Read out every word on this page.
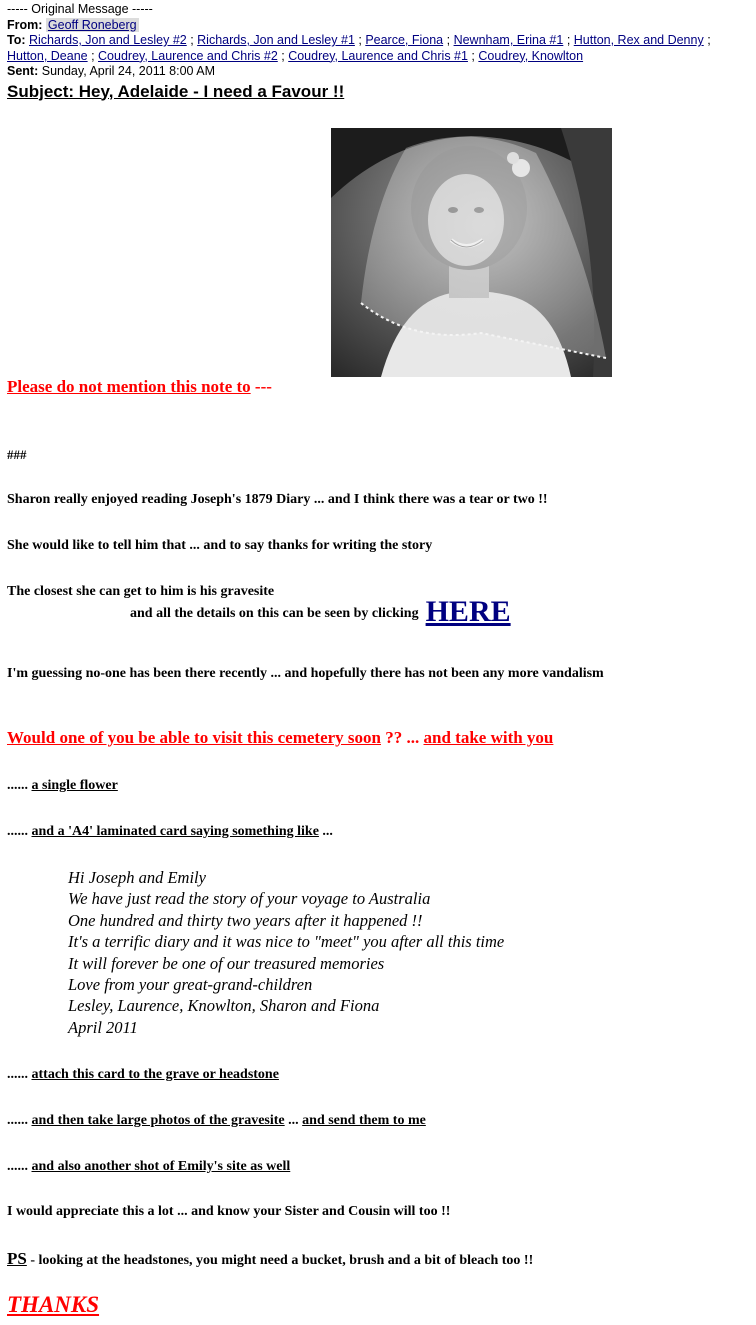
----- Original Message -----
From: Geoff Roneberg
To: Richards, Jon and Lesley #2 ; Richards, Jon and Lesley #1 ; Pearce, Fiona ; Newnham, Erina #1 ; Hutton, Rex and Denny ;
Hutton, Deane ; Coudrey, Laurence and Chris #2 ; Coudrey, Laurence and Chris #1 ; Coudrey, Knowlton
Sent: Sunday, April 24, 2011 8:00 AM
Subject: Hey, Adelaide - I need a Favour !!
Please do not mention this note to ---
###
Sharon really enjoyed reading Joseph's 1879 Diary ... and I think there was a tear or two !!
She would like to tell him that ... and to say thanks for writing the story
The closest she can get to him is his gravesite
and all the details on this can be seen by clicking HERE
I'm guessing no-one has been there recently ... and hopefully there has not been any more vandalism
Would one of you be able to visit this cemetery soon ?? ... and take with you
...... a single flower
...... and a 'A4' laminated card saying something like ...
Hi Joseph and Emily
We have just read the story of your voyage to Australia
One hundred and thirty two years after it happened !!
It's a terrific diary and it was nice to "meet" you after all this time
It will forever be one of our treasured memories
Love from your great-grand-children
Lesley, Laurence, Knowlton, Sharon and Fiona
April 2011
...... attach this card to the grave or headstone
...... and then take large photos of the gravesite ... and send them to me
...... and also another shot of Emily's site as well
I would appreciate this a lot ... and know your Sister and Cousin will too !!
PS - looking at the headstones, you might need a bucket, brush and a bit of bleach too !!
THANKS
